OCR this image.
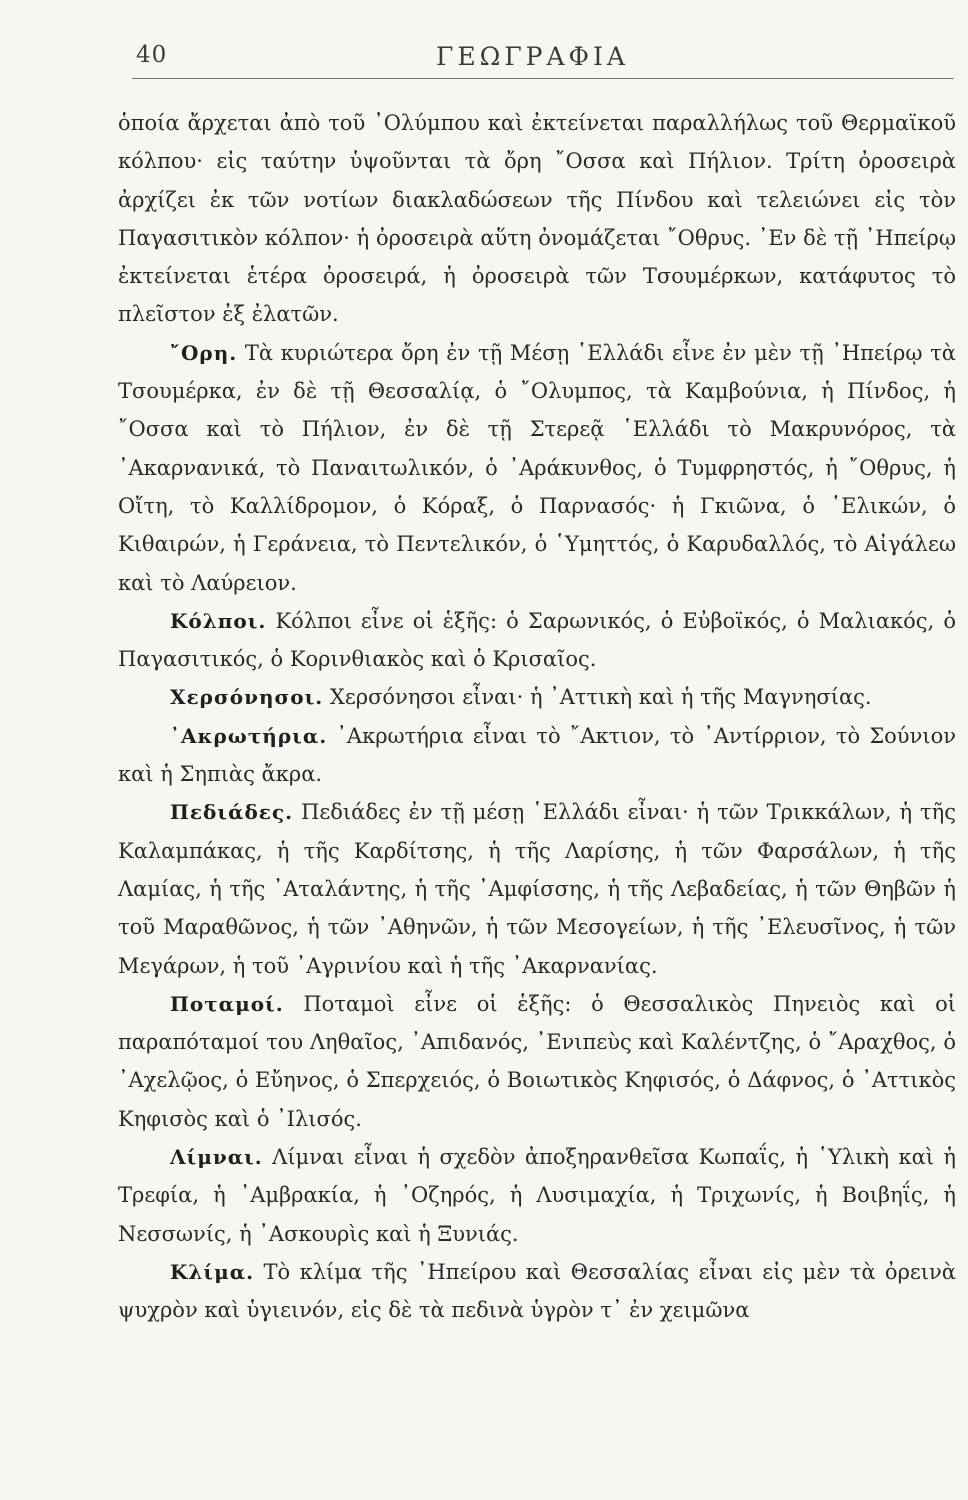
40	ΓΕΩΓΡΑΦΙΑ

ὁποία ἄρχεται ἀπὸ τοῦ ᾿Ολύμπου καὶ ἐκτείνεται παραλλήλως τοῦ Θερμαϊκοῦ κόλπου· εἰς ταύτην ὑψοῦνται τὰ ὄρη ῎Οσσα καὶ Πήλιον. Τρίτη ὀροσειρὰ ἀρχίζει ἐκ τῶν νοτίων διακλαδώσεων τῆς Πίνδου καὶ τελειώνει εἰς τὸν Παγασιτικὸν κόλπον· ἡ ὀροσειρὰ αὕτη ὀνομάζεται ῎Οθρυς. ᾿Εν δὲ τῇ ᾿Ηπείρῳ ἐκτείνεται ἑτέρα ὀροσειρά, ἡ ὀροσειρὰ τῶν Τσουμέρκων, κατάφυτος τὸ πλεῖστον ἐξ ἐλατῶν.

῎Ορη. Τὰ κυριώτερα ὄρη ἐν τῇ Μέσῃ ῾Ελλάδι εἶνε ἐν μὲν τῇ ᾿Ηπείρῳ τὰ Τσουμέρκα, ἐν δὲ τῇ Θεσσαλίᾳ, ὁ ῎Ολυμπος, τὰ Καμβούνια, ἡ Πίνδος, ἡ ῎Οσσα καὶ τὸ Πήλιον, ἐν δὲ τῇ Στερεᾷ ῾Ελλάδι τὸ Μακρυνόρος, τὰ ᾿Ακαρνανικά, τὸ Παναιτωλικόν, ὁ ᾿Αράκυνθος, ὁ Τυμφρηστός, ἡ ῎Οθρυς, ἡ Οἴτη, τὸ Καλλίδρομον, ὁ Κόραξ, ὁ Παρνασός· ἡ Γκιῶνα, ὁ ῾Ελικών, ὁ Κιθαιρών, ἡ Γεράνεια, τὸ Πεντελικόν, ὁ ῾Υμηττός, ὁ Καρυδαλλός, τὸ Αἰγάλεω καὶ τὸ Λαύρειον.

Κόλποι. Κόλποι εἶνε οἱ ἑξῆς: ὁ Σαρωνικός, ὁ Εὐβοϊκός, ὁ Μαλιακός, ὁ Παγασιτικός, ὁ Κορινθιακὸς καὶ ὁ Κρισαῖος.

Χερσόνησοι. Χερσόνησοι εἶναι· ἡ ᾿Αττικὴ καὶ ἡ τῆς Μαγνησίας.

᾿Ακρωτήρια. ᾿Ακρωτήρια εἶναι τὸ ῎Ακτιον, τὸ ᾿Αντίρριον, τὸ Σούνιον καὶ ἡ Σηπιὰς ἄκρα.

Πεδιάδες. Πεδιάδες ἐν τῇ μέσῃ ῾Ελλάδι εἶναι· ἡ τῶν Τρικκάλων, ἡ τῆς Καλαμπάκας, ἡ τῆς Καρδίτσης, ἡ τῆς Λαρίσης, ἡ τῶν Φαρσάλων, ἡ τῆς Λαμίας, ἡ τῆς ᾿Αταλάντης, ἡ τῆς ᾿Αμφίσσης, ἡ τῆς Λεβαδείας, ἡ τῶν Θηβῶν ἡ τοῦ Μαραθῶνος, ἡ τῶν ᾿Αθηνῶν, ἡ τῶν Μεσογείων, ἡ τῆς ᾿Ελευσῖνος, ἡ τῶν Μεγάρων, ἡ τοῦ ᾿Αγρινίου καὶ ἡ τῆς ᾿Ακαρνανίας.

Ποταμοί. Ποταμοὶ εἶνε οἱ ἑξῆς: ὁ Θεσσαλικὸς Πηνειὸς καὶ οἱ παραπόταμοί του Ληθαῖος, ᾿Απιδανός, ᾿Ενιπεὺς καὶ Καλέντζης, ὁ ῎Αραχθος, ὁ ᾿Αχελῷος, ὁ Εὔηνος, ὁ Σπερχειός, ὁ Βοιωτικὸς Κηφισός, ὁ Δάφνος, ὁ ᾿Αττικὸς Κηφισὸς καὶ ὁ ᾿Ιλισός.

Λίμναι. Λίμναι εἶναι ἡ σχεδὸν ἀποξηρανθεῖσα Κωπαΐς, ἡ ῾Υλικὴ καὶ ἡ Τρεφία, ἡ ᾿Αμβρακία, ἡ ᾿Οζηρός, ἡ Λυσιμαχία, ἡ Τριχωνίς, ἡ Βοιβηΐς, ἡ Νεσσωνίς, ἡ ᾿Ασκουρὶς καὶ ἡ Ξυνιάς.

Κλίμα. Τὸ κλίμα τῆς ᾿Ηπείρου καὶ Θεσσαλίας εἶναι εἰς μὲν τὰ ὀρεινὰ ψυχρὸν καὶ ὑγιεινόν, εἰς δὲ τὰ πεδινὰ ὑγρὸν τ᾿ ἐν χειμῶνα
